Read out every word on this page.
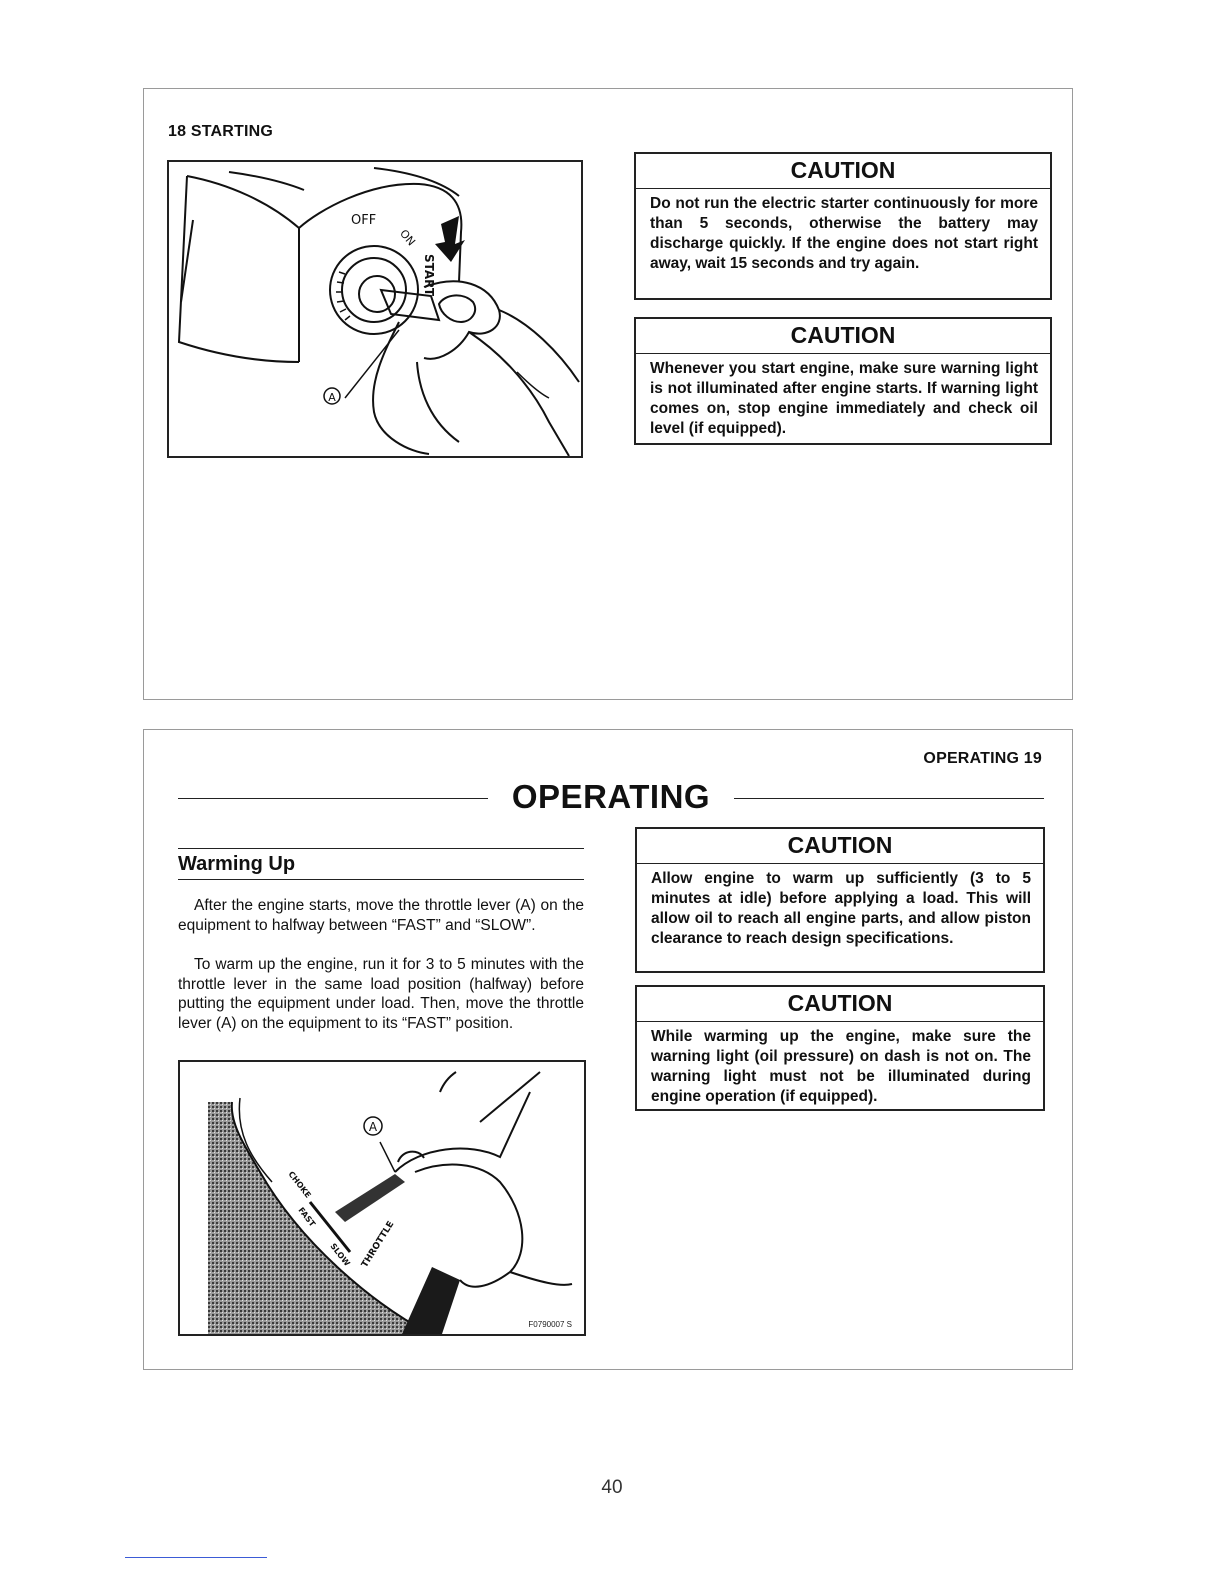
18 STARTING
OFF
ON
START
A
CAUTION
Do not run the electric starter continuously for more than 5 seconds, otherwise the battery may discharge quickly. If the engine does not start right away, wait 15 seconds and try again.
CAUTION
Whenever you start engine, make sure warning light is not illuminated after engine starts. If warning light comes on, stop engine immediately and check oil level (if equipped).
OPERATING 19
OPERATING
Warming Up
After the engine starts, move the throttle lever (A) on the equipment to halfway between “FAST” and “SLOW”.
To warm up the engine, run it for 3 to 5 minutes with the throttle lever in the same load position (halfway) before putting the equipment under load. Then, move the throttle lever (A) on the equipment to its “FAST” position.
A
CHOKE
FAST
SLOW THROTTLE
F0790007 S
CAUTION
Allow engine to warm up sufficiently (3 to 5 minutes at idle) before applying a load. This will allow oil to reach all engine parts, and allow piston clearance to reach design specifications.
CAUTION
While warming up the engine, make sure the warning light (oil pressure) on dash is not on. The warning light must not be illuminated during engine operation (if equipped).
40
